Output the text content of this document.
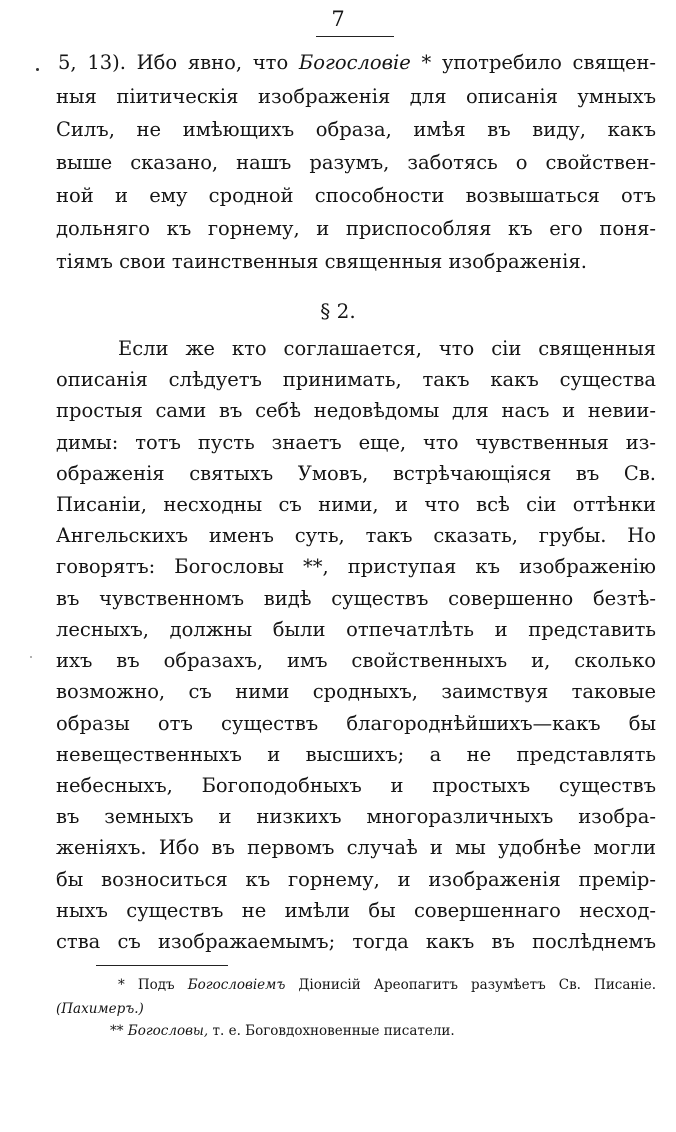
7
5, 13). Ибо явно, что Богословіе * употребило священ-
ныя пiитическія изображенія для описанія умныхъ
Силъ, не имѣющихъ образа, имѣя въ виду, какъ
выше сказано, нашъ разумъ, заботясь о свойствен-
ной и ему сродной способности возвышаться отъ
дольняго къ горнему, и приспособляя къ его поня-
тіямъ свои таинственныя священныя изображенія.
§ 2.
Если же кто соглашается, что сіи священныя
описанія слѣдуетъ принимать, такъ какъ существа
простыя сами въ себѣ недовѣдомы для насъ и невии-
димы: тотъ пусть знаетъ еще, что чувственныя из-
ображенія святыхъ Умовъ, встрѣчающіяся въ Св.
Писаніи, несходны съ ними, и что всѣ сіи оттѣнки
Ангельскихъ именъ суть, такъ сказать, грубы. Но
говорятъ: Богословы **, приступая къ изображенію
въ чувственномъ видѣ существъ совершенно безтѣ-
лесныхъ, должны были отпечатлѣть и представить
ихъ въ образахъ, имъ свойственныхъ и, сколько
возможно, съ ними сродныхъ, заимствуя таковые
образы отъ существъ благороднѣйшихъ—какъ бы
невещественныхъ и высшихъ; а не представлять
небесныхъ, Богоподобныхъ и простыхъ существъ
въ земныхъ и низкихъ многоразличныхъ изобра-
женіяхъ. Ибо въ первомъ случаѣ и мы удобнѣе могли
бы возноситься къ горнему, и изображенія премір-
ныхъ существъ не имѣли бы совершеннаго несход-
ства съ изображаемымъ; тогда какъ въ послѣднемъ
* Подъ Богословіемъ Діонисій Ареопагитъ разумѣетъ Св. Писаніе.
(Пахимеръ.)
** Богословы, т. е. Боговдохновенные писатели.
